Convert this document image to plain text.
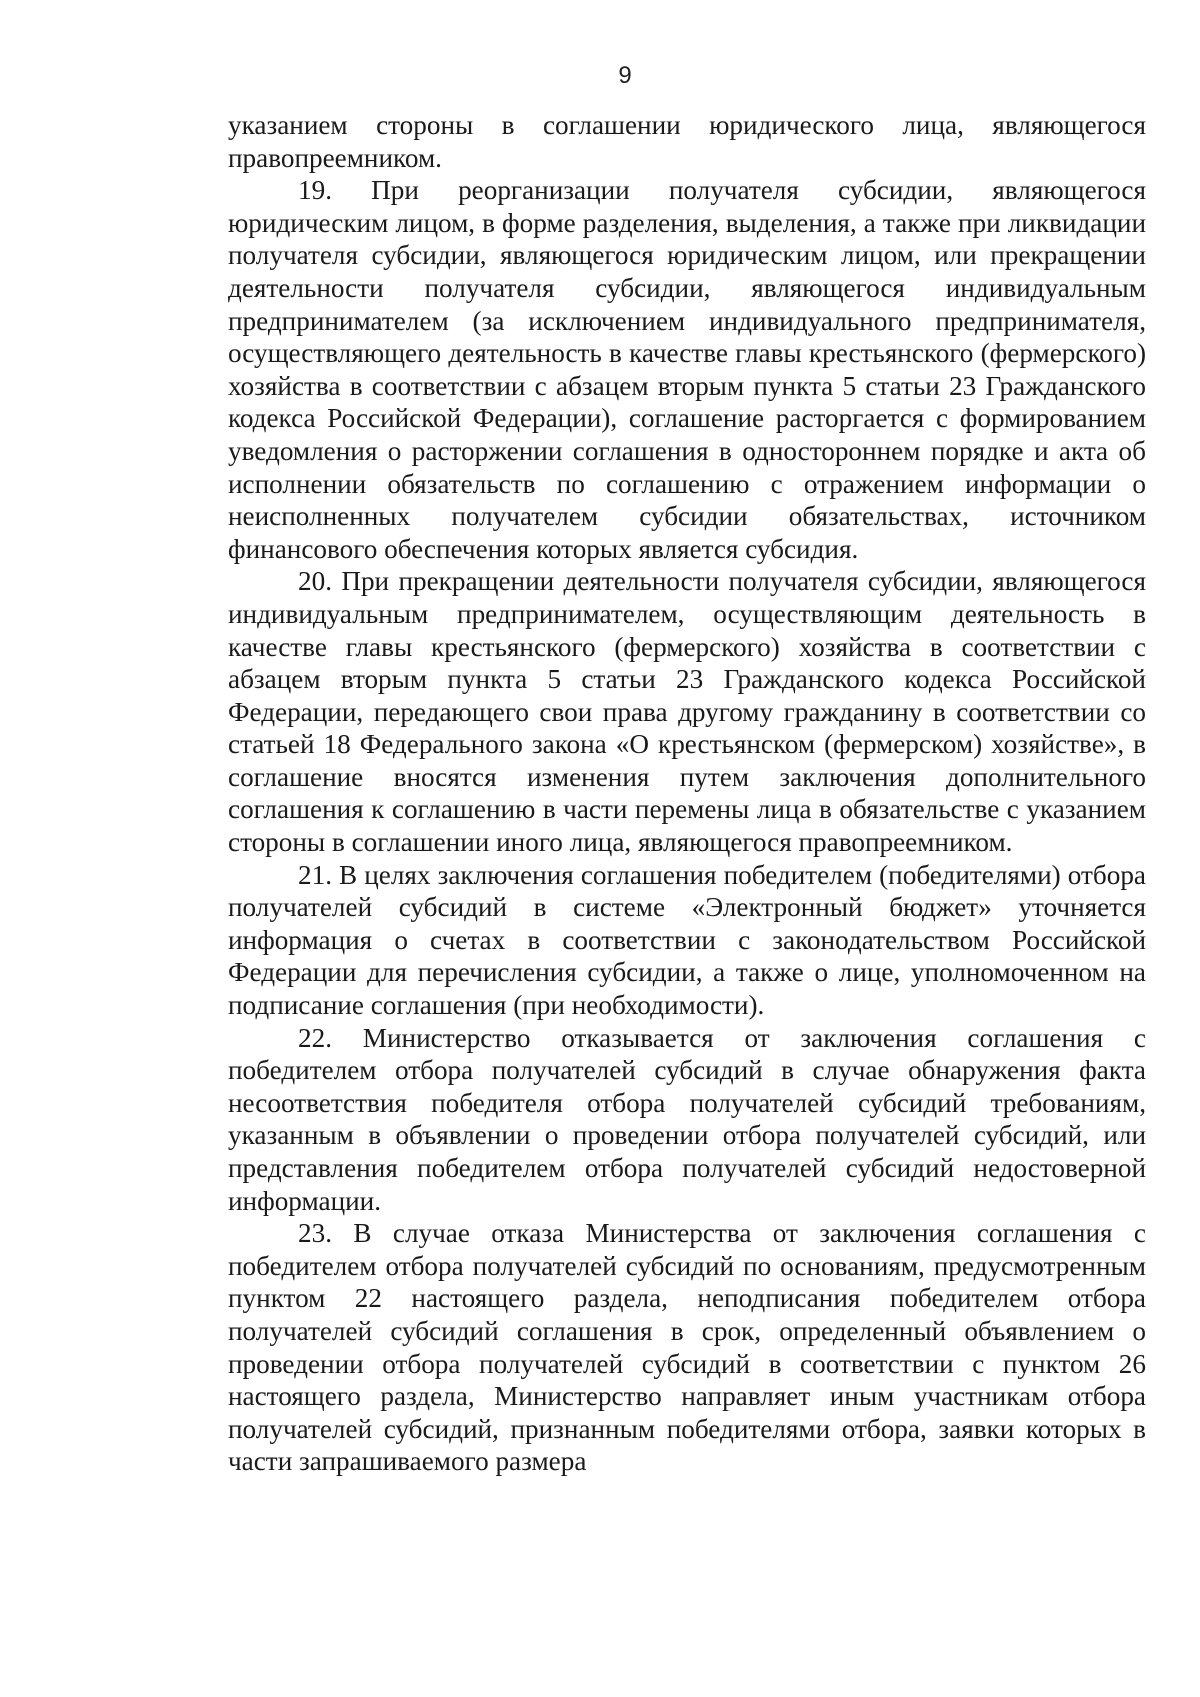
9

указанием стороны в соглашении юридического лица, являющегося правопреемником.

19. При реорганизации получателя субсидии, являющегося юридическим лицом, в форме разделения, выделения, а также при ликвидации получателя субсидии, являющегося юридическим лицом, или прекращении деятельности получателя субсидии, являющегося индивидуальным предпринимателем (за исключением индивидуального предпринимателя, осуществляющего деятельность в качестве главы крестьянского (фермерского) хозяйства в соответствии с абзацем вторым пункта 5 статьи 23 Гражданского кодекса Российской Федерации), соглашение расторгается с формированием уведомления о расторжении соглашения в одностороннем порядке и акта об исполнении обязательств по соглашению с отражением информации о неисполненных получателем субсидии обязательствах, источником финансового обеспечения которых является субсидия.

20. При прекращении деятельности получателя субсидии, являющегося индивидуальным предпринимателем, осуществляющим деятельность в качестве главы крестьянского (фермерского) хозяйства в соответствии с абзацем вторым пункта 5 статьи 23 Гражданского кодекса Российской Федерации, передающего свои права другому гражданину в соответствии со статьей 18 Федерального закона «О крестьянском (фермерском) хозяйстве», в соглашение вносятся изменения путем заключения дополнительного соглашения к соглашению в части перемены лица в обязательстве с указанием стороны в соглашении иного лица, являющегося правопреемником.

21. В целях заключения соглашения победителем (победителями) отбора получателей субсидий в системе «Электронный бюджет» уточняется информация о счетах в соответствии с законодательством Российской Федерации для перечисления субсидии, а также о лице, уполномоченном на подписание соглашения (при необходимости).

22. Министерство отказывается от заключения соглашения с победителем отбора получателей субсидий в случае обнаружения факта несоответствия победителя отбора получателей субсидий требованиям, указанным в объявлении о проведении отбора получателей субсидий, или представления победителем отбора получателей субсидий недостоверной информации.

23. В случае отказа Министерства от заключения соглашения с победителем отбора получателей субсидий по основаниям, предусмотренным пунктом 22 настоящего раздела, неподписания победителем отбора получателей субсидий соглашения в срок, определенный объявлением о проведении отбора получателей субсидий в соответствии с пунктом 26 настоящего раздела, Министерство направляет иным участникам отбора получателей субсидий, признанным победителями отбора, заявки которых в части запрашиваемого размера
